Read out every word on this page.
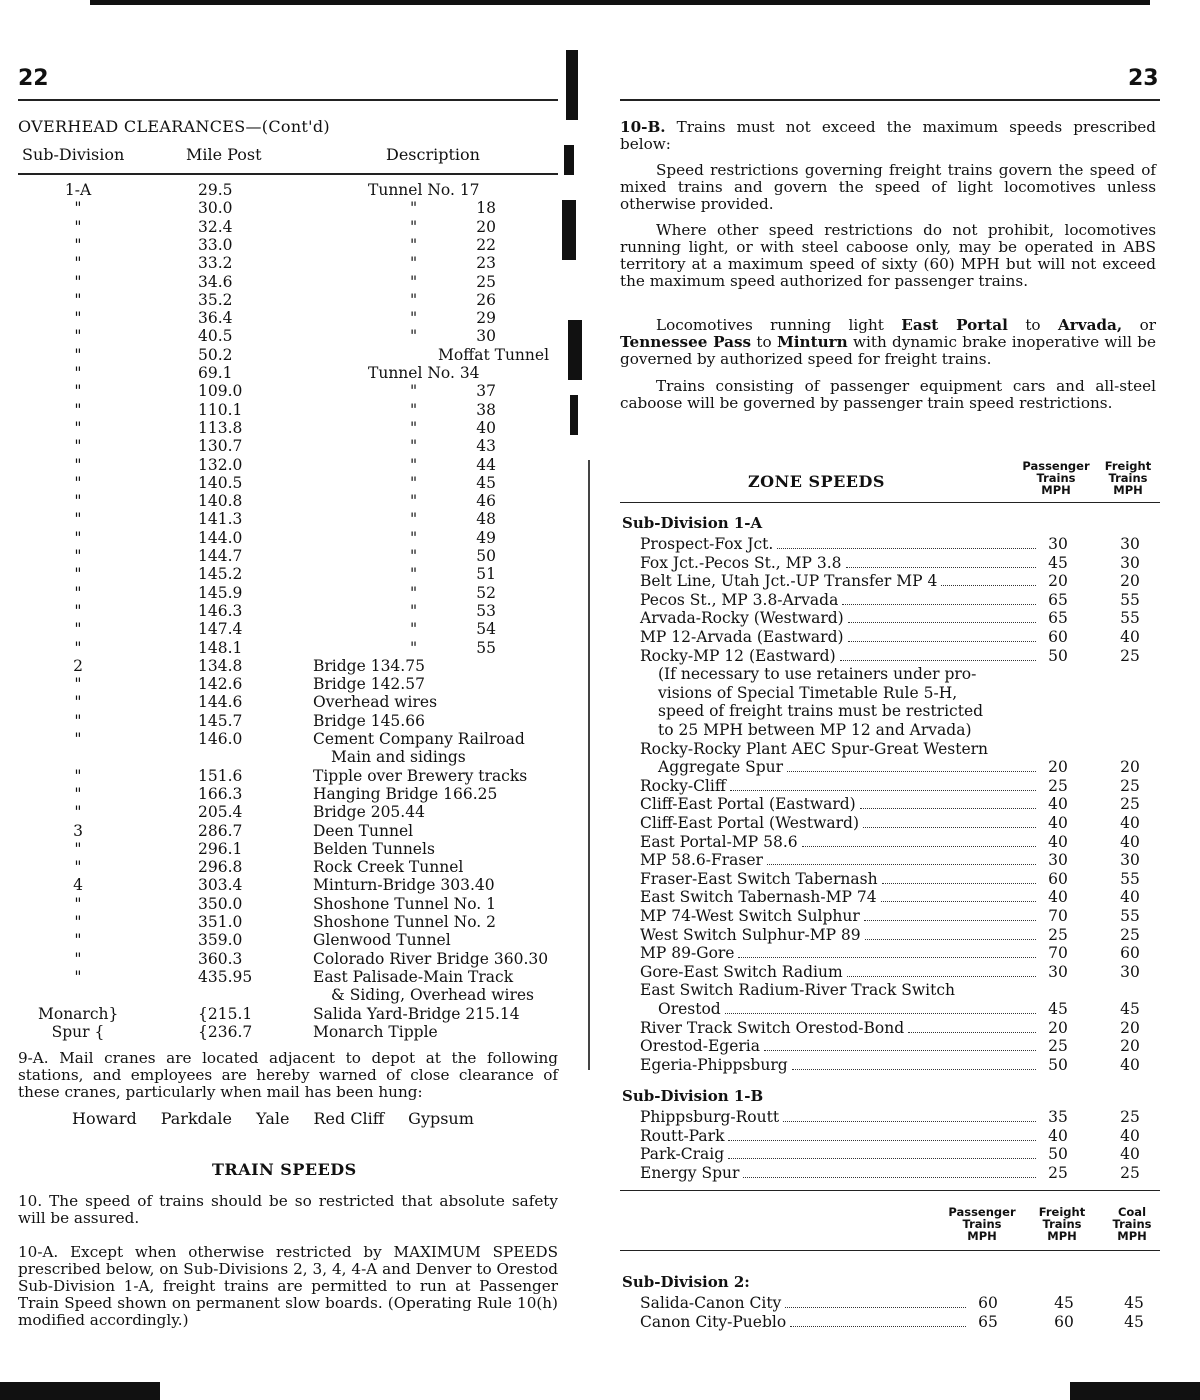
22
OVERHEAD CLEARANCES—(Cont'd)
Sub-Division	Mile Post	Description
1-A	29.5	Tunnel No. 17
"	30.0	"            18
"	32.4	"            20
"	33.0	"            22
"	33.2	"            23
"	34.6	"            25
"	35.2	"            26
"	36.4	"            29
"	40.5	"            30
"	50.2	Moffat Tunnel
"	69.1	Tunnel No. 34
"	109.0	"            37
"	110.1	"            38
"	113.8	"            40
"	130.7	"            43
"	132.0	"            44
"	140.5	"            45
"	140.8	"            46
"	141.3	"            48
"	144.0	"            49
"	144.7	"            50
"	145.2	"            51
"	145.9	"            52
"	146.3	"            53
"	147.4	"            54
"	148.1	"            55
2	134.8	Bridge 134.75
"	142.6	Bridge 142.57
"	144.6	Overhead wires
"	145.7	Bridge 145.66
"	146.0	Cement Company Railroad
Main and sidings
"	151.6	Tipple over Brewery tracks
"	166.3	Hanging Bridge 166.25
"	205.4	Bridge 205.44
3	286.7	Deen Tunnel
"	296.1	Belden Tunnels
"	296.8	Rock Creek Tunnel
4	303.4	Minturn-Bridge 303.40
"	350.0	Shoshone Tunnel No. 1
"	351.0	Shoshone Tunnel No. 2
"	359.0	Glenwood Tunnel
"	360.3	Colorado River Bridge 360.30
"	435.95	East Palisade-Main Track
& Siding, Overhead wires
Monarch}	{215.1	Salida Yard-Bridge 215.14
Spur {	{236.7	Monarch Tipple
9-A. Mail cranes are located adjacent to depot at the following stations, and employees are hereby warned of close clearance of these cranes, particularly when mail has been hung:
Howard Parkdale Yale Red Cliff Gypsum
TRAIN SPEEDS
10. The speed of trains should be so restricted that absolute safety will be assured.
10-A. Except when otherwise restricted by MAXIMUM SPEEDS prescribed below, on Sub-Divisions 2, 3, 4, 4-A and Denver to Orestod Sub-Division 1-A, freight trains are permitted to run at Passenger Train Speed shown on permanent slow boards. (Operating Rule 10(h) modified accordingly.)
23
10-B. Trains must not exceed the maximum speeds prescribed below:
Speed restrictions governing freight trains govern the speed of mixed trains and govern the speed of light locomotives unless otherwise provided.
Where other speed restrictions do not prohibit, locomotives running light, or with steel caboose only, may be operated in ABS territory at a maximum speed of sixty (60) MPH but will not exceed the maximum speed authorized for passenger trains.
Locomotives running light East Portal to Arvada, or Tennessee Pass to Minturn with dynamic brake inoperative will be governed by authorized speed for freight trains.
Trains consisting of passenger equipment cars and all-steel caboose will be governed by passenger train speed restrictions.
ZONE SPEEDS
Passenger
Trains
MPH
Freight
Trains
MPH
Sub-Division 1-A
Prospect-Fox Jct.	30	30
Fox Jct.-Pecos St., MP 3.8	45	30
Belt Line, Utah Jct.-UP Transfer MP 4	20	20
Pecos St., MP 3.8-Arvada	65	55
Arvada-Rocky (Westward)	65	55
MP 12-Arvada (Eastward)	60	40
Rocky-MP 12 (Eastward)	50	25
(If necessary to use retainers under pro-
visions of Special Timetable Rule 5-H,
speed of freight trains must be restricted
to 25 MPH between MP 12 and Arvada)
Rocky-Rocky Plant AEC Spur-Great Western
Aggregate Spur	20	20
Rocky-Cliff	25	25
Cliff-East Portal (Eastward)	40	25
Cliff-East Portal (Westward)	40	40
East Portal-MP 58.6	40	40
MP 58.6-Fraser	30	30
Fraser-East Switch Tabernash	60	55
East Switch Tabernash-MP 74	40	40
MP 74-West Switch Sulphur	70	55
West Switch Sulphur-MP 89	25	25
MP 89-Gore	70	60
Gore-East Switch Radium	30	30
East Switch Radium-River Track Switch
Orestod	45	45
River Track Switch Orestod-Bond	20	20
Orestod-Egeria	25	20
Egeria-Phippsburg	50	40
Sub-Division 1-B
Phippsburg-Routt	35	25
Routt-Park	40	40
Park-Craig	50	40
Energy Spur	25	25
Passenger
Trains
MPH
Freight
Trains
MPH
Coal
Trains
MPH
Sub-Division 2:
Salida-Canon City	60	45	45
Canon City-Pueblo	65	60	45
